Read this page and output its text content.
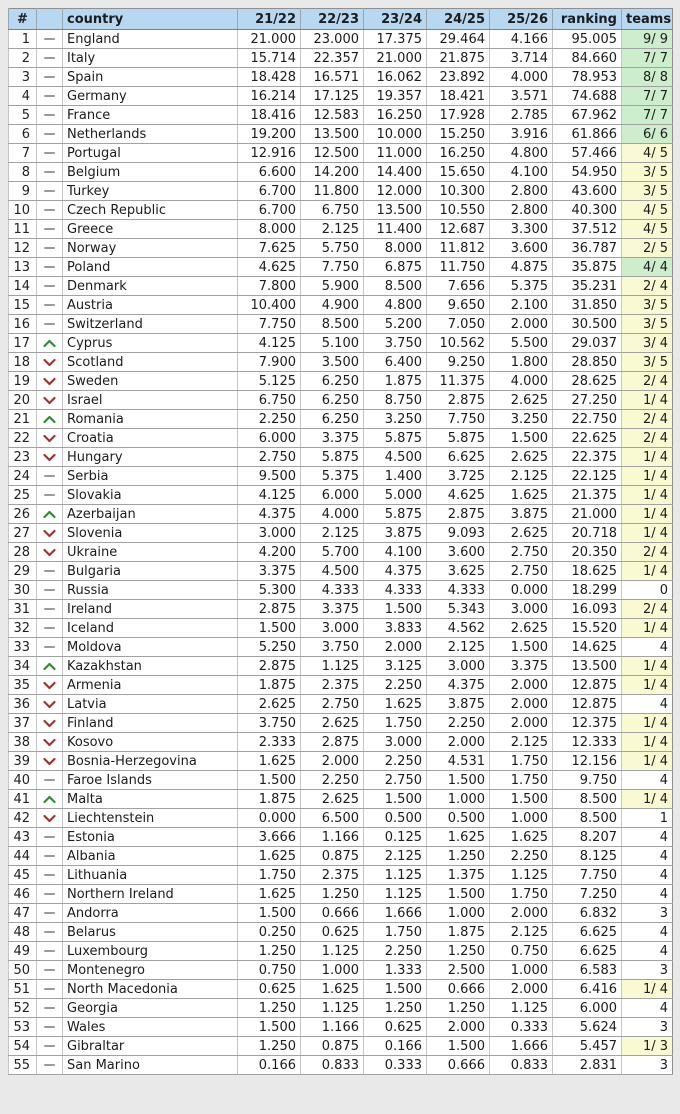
#		country	21/22	22/23	23/24	24/25	25/26	ranking	teams
1		England	21.000	23.000	17.375	29.464	4.166	95.005	9/ 9
2		Italy	15.714	22.357	21.000	21.875	3.714	84.660	7/ 7
3		Spain	18.428	16.571	16.062	23.892	4.000	78.953	8/ 8
4		Germany	16.214	17.125	19.357	18.421	3.571	74.688	7/ 7
5		France	18.416	12.583	16.250	17.928	2.785	67.962	7/ 7
6		Netherlands	19.200	13.500	10.000	15.250	3.916	61.866	6/ 6
7		Portugal	12.916	12.500	11.000	16.250	4.800	57.466	4/ 5
8		Belgium	6.600	14.200	14.400	15.650	4.100	54.950	3/ 5
9		Turkey	6.700	11.800	12.000	10.300	2.800	43.600	3/ 5
10		Czech Republic	6.700	6.750	13.500	10.550	2.800	40.300	4/ 5
11		Greece	8.000	2.125	11.400	12.687	3.300	37.512	4/ 5
12		Norway	7.625	5.750	8.000	11.812	3.600	36.787	2/ 5
13		Poland	4.625	7.750	6.875	11.750	4.875	35.875	4/ 4
14		Denmark	7.800	5.900	8.500	7.656	5.375	35.231	2/ 4
15		Austria	10.400	4.900	4.800	9.650	2.100	31.850	3/ 5
16		Switzerland	7.750	8.500	5.200	7.050	2.000	30.500	3/ 5
17		Cyprus	4.125	5.100	3.750	10.562	5.500	29.037	3/ 4
18		Scotland	7.900	3.500	6.400	9.250	1.800	28.850	3/ 5
19		Sweden	5.125	6.250	1.875	11.375	4.000	28.625	2/ 4
20		Israel	6.750	6.250	8.750	2.875	2.625	27.250	1/ 4
21		Romania	2.250	6.250	3.250	7.750	3.250	22.750	2/ 4
22		Croatia	6.000	3.375	5.875	5.875	1.500	22.625	2/ 4
23		Hungary	2.750	5.875	4.500	6.625	2.625	22.375	1/ 4
24		Serbia	9.500	5.375	1.400	3.725	2.125	22.125	1/ 4
25		Slovakia	4.125	6.000	5.000	4.625	1.625	21.375	1/ 4
26		Azerbaijan	4.375	4.000	5.875	2.875	3.875	21.000	1/ 4
27		Slovenia	3.000	2.125	3.875	9.093	2.625	20.718	1/ 4
28		Ukraine	4.200	5.700	4.100	3.600	2.750	20.350	2/ 4
29		Bulgaria	3.375	4.500	4.375	3.625	2.750	18.625	1/ 4
30		Russia	5.300	4.333	4.333	4.333	0.000	18.299	0
31		Ireland	2.875	3.375	1.500	5.343	3.000	16.093	2/ 4
32		Iceland	1.500	3.000	3.833	4.562	2.625	15.520	1/ 4
33		Moldova	5.250	3.750	2.000	2.125	1.500	14.625	4
34		Kazakhstan	2.875	1.125	3.125	3.000	3.375	13.500	1/ 4
35		Armenia	1.875	2.375	2.250	4.375	2.000	12.875	1/ 4
36		Latvia	2.625	2.750	1.625	3.875	2.000	12.875	4
37		Finland	3.750	2.625	1.750	2.250	2.000	12.375	1/ 4
38		Kosovo	2.333	2.875	3.000	2.000	2.125	12.333	1/ 4
39		Bosnia-Herzegovina	1.625	2.000	2.250	4.531	1.750	12.156	1/ 4
40		Faroe Islands	1.500	2.250	2.750	1.500	1.750	9.750	4
41		Malta	1.875	2.625	1.500	1.000	1.500	8.500	1/ 4
42		Liechtenstein	0.000	6.500	0.500	0.500	1.000	8.500	1
43		Estonia	3.666	1.166	0.125	1.625	1.625	8.207	4
44		Albania	1.625	0.875	2.125	1.250	2.250	8.125	4
45		Lithuania	1.750	2.375	1.125	1.375	1.125	7.750	4
46		Northern Ireland	1.625	1.250	1.125	1.500	1.750	7.250	4
47		Andorra	1.500	0.666	1.666	1.000	2.000	6.832	3
48		Belarus	0.250	0.625	1.750	1.875	2.125	6.625	4
49		Luxembourg	1.250	1.125	2.250	1.250	0.750	6.625	4
50		Montenegro	0.750	1.000	1.333	2.500	1.000	6.583	3
51		North Macedonia	0.625	1.625	1.500	0.666	2.000	6.416	1/ 4
52		Georgia	1.250	1.125	1.250	1.250	1.125	6.000	4
53		Wales	1.500	1.166	0.625	2.000	0.333	5.624	3
54		Gibraltar	1.250	0.875	0.166	1.500	1.666	5.457	1/ 3
55		San Marino	0.166	0.833	0.333	0.666	0.833	2.831	3
